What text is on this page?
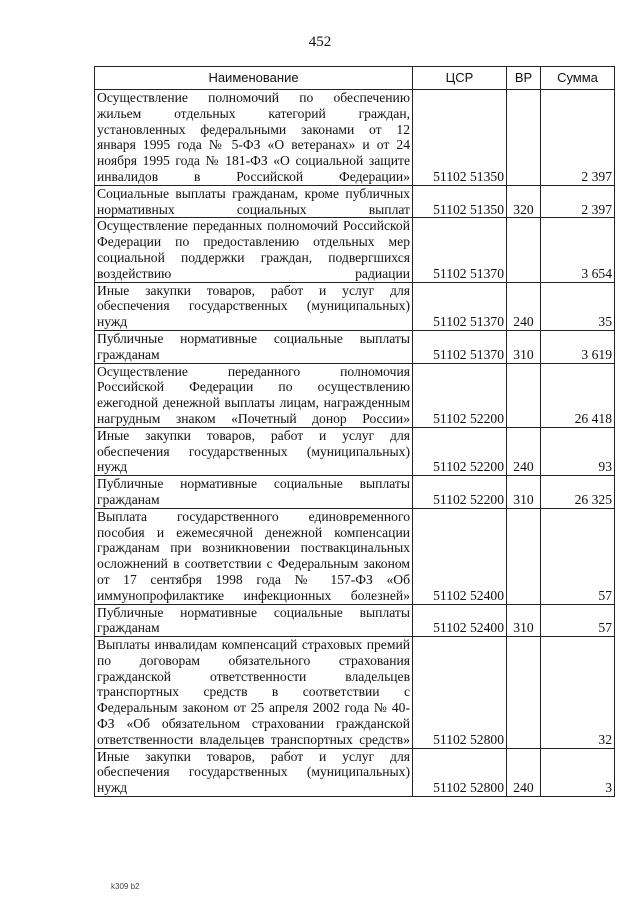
452
Наименование	ЦСР	ВР	Сумма
Осуществление полномочий по обеспечению жильем отдельных категорий граждан, установленных федеральными законами от 12 января 1995 года № 5-ФЗ «О ветеранах» и от 24 ноября 1995 года № 181-ФЗ «О социальной защите инвалидов в Российской Федерации»	51102 51350		2 397
Социальные выплаты гражданам, кроме публичных нормативных социальных выплат	51102 51350	320	2 397
Осуществление переданных полномочий Российской Федерации по предоставлению отдельных мер социальной поддержки граждан, подвергшихся воздействию радиации	51102 51370		3 654
Иные закупки товаров, работ и услуг для обеспечения государственных (муниципальных) нужд	51102 51370	240	35
Публичные нормативные социальные выплаты гражданам	51102 51370	310	3 619
Осуществление переданного полномочия Российской Федерации по осуществлению ежегодной денежной выплаты лицам, награжденным нагрудным знаком «Почетный донор России»	51102 52200		26 418
Иные закупки товаров, работ и услуг для обеспечения государственных (муниципальных) нужд	51102 52200	240	93
Публичные нормативные социальные выплаты гражданам	51102 52200	310	26 325
Выплата государственного единовременного пособия и ежемесячной денежной компенсации гражданам при возникновении поствакцинальных осложнений в соответствии с Федеральным законом от 17 сентября 1998 года № 157-ФЗ «Об иммунопрофилактике инфекционных болезней»	51102 52400		57
Публичные нормативные социальные выплаты гражданам	51102 52400	310	57
Выплаты инвалидам компенсаций страховых премий по договорам обязательного страхования гражданской ответственности владельцев транспортных средств в соответствии с Федеральным законом от 25 апреля 2002 года № 40-ФЗ «Об обязательном страховании гражданской ответственности владельцев транспортных средств»	51102 52800		32
Иные закупки товаров, работ и услуг для обеспечения государственных (муниципальных) нужд	51102 52800	240	3
k309 b2
